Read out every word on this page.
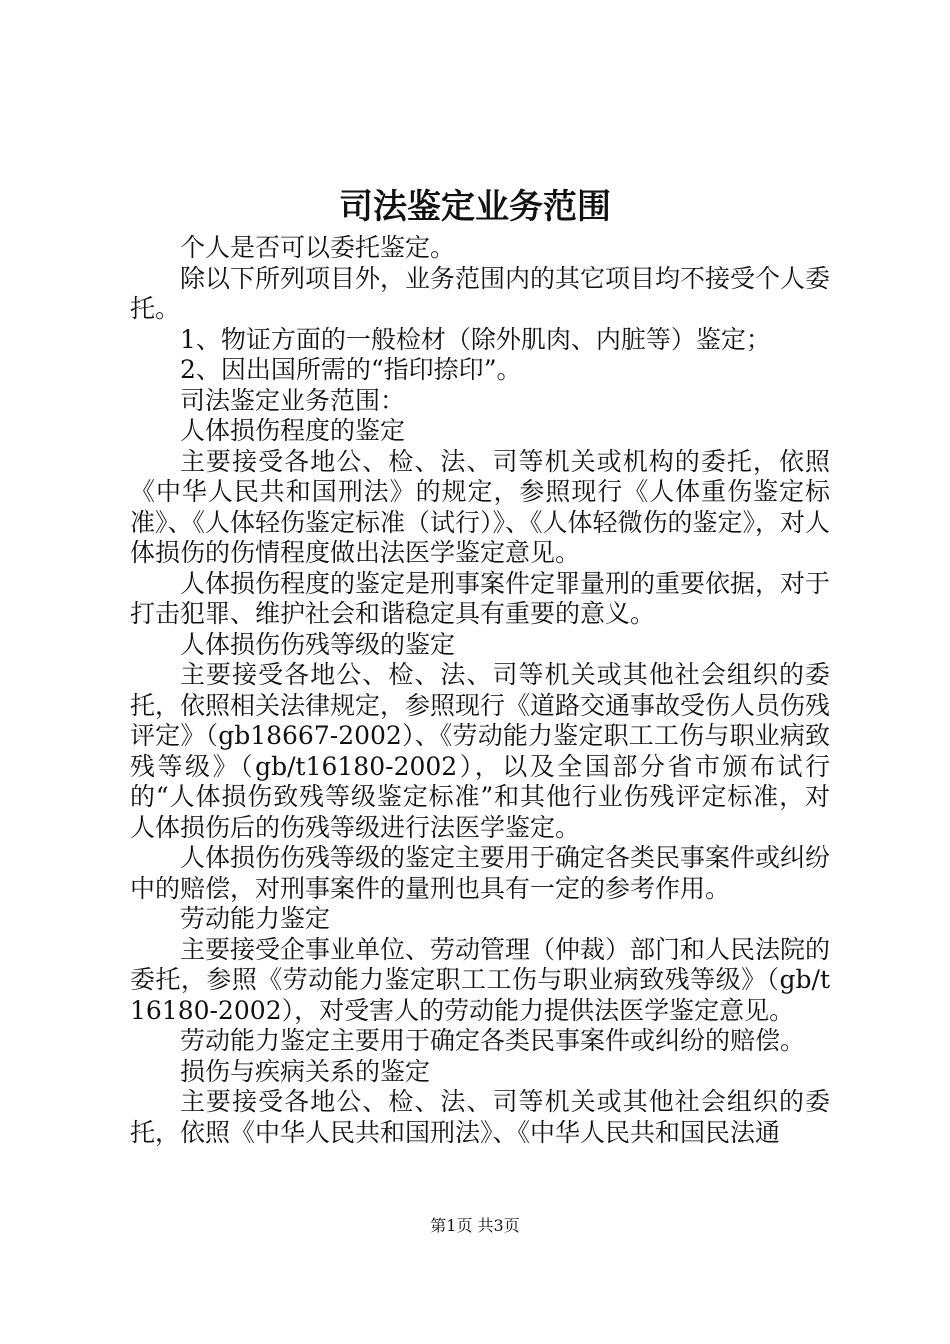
司法鉴定业务范围

个人是否可以委托鉴定。

除以下所列项目外，业务范围内的其它项目均不接受个人委托。

1、物证方面的一般检材（除外肌肉、内脏等）鉴定；

2、因出国所需的“指印捺印”。

司法鉴定业务范围：

人体损伤程度的鉴定

主要接受各地公、检、法、司等机关或机构的委托，依照《中华人民共和国刑法》的规定，参照现行《人体重伤鉴定标准》、《人体轻伤鉴定标准（试行）》、《人体轻微伤的鉴定》，对人体损伤的伤情程度做出法医学鉴定意见。

人体损伤程度的鉴定是刑事案件定罪量刑的重要依据，对于打击犯罪、维护社会和谐稳定具有重要的意义。

人体损伤伤残等级的鉴定

主要接受各地公、检、法、司等机关或其他社会组织的委托，依照相关法律规定，参照现行《道路交通事故受伤人员伤残评定》（gb18667-2002）、《劳动能力鉴定职工工伤与职业病致残等级》（gb/t16180-2002），以及全国部分省市颁布试行的“人体损伤致残等级鉴定标准”和其他行业伤残评定标准，对人体损伤后的伤残等级进行法医学鉴定。

人体损伤伤残等级的鉴定主要用于确定各类民事案件或纠纷中的赔偿，对刑事案件的量刑也具有一定的参考作用。

劳动能力鉴定

主要接受企事业单位、劳动管理（仲裁）部门和人民法院的委托，参照《劳动能力鉴定职工工伤与职业病致残等级》（gb/t16180-2002），对受害人的劳动能力提供法医学鉴定意见。

劳动能力鉴定主要用于确定各类民事案件或纠纷的赔偿。

损伤与疾病关系的鉴定

主要接受各地公、检、法、司等机关或其他社会组织的委托，依照《中华人民共和国刑法》、《中华人民共和国民法通

第1页 共3页
